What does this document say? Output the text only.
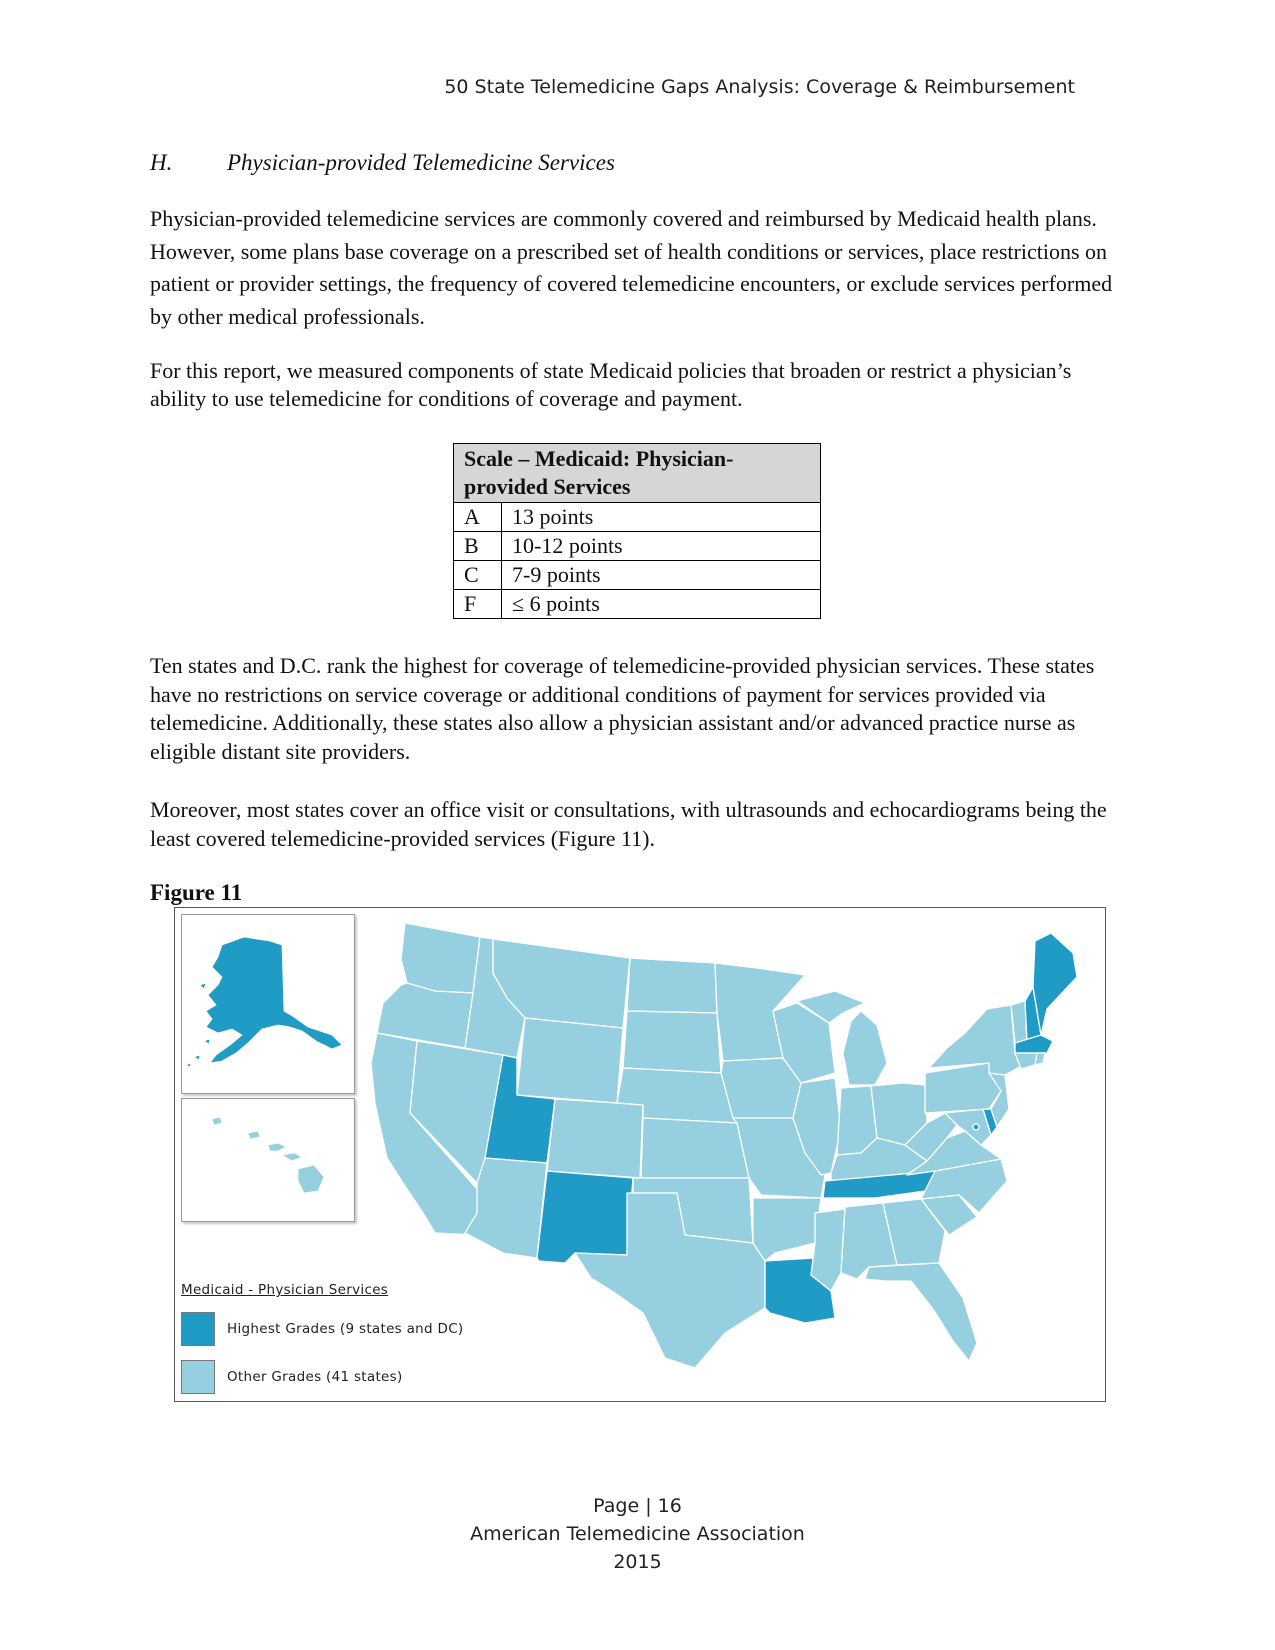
50 State Telemedicine Gaps Analysis: Coverage & Reimbursement
H. Physician-provided Telemedicine Services

Physician-provided telemedicine services are commonly covered and reimbursed by Medicaid health plans. However, some plans base coverage on a prescribed set of health conditions or services, place restrictions on patient or provider settings, the frequency of covered telemedicine encounters, or exclude services performed by other medical professionals.

For this report, we measured components of state Medicaid policies that broaden or restrict a physician’s ability to use telemedicine for conditions of coverage and payment.

Scale – Medicaid: Physician-provided Services	
A	13 points
B	10-12 points
C	7-9 points
F	≤ 6 points

Ten states and D.C. rank the highest for coverage of telemedicine-provided physician services. These states have no restrictions on service coverage or additional conditions of payment for services provided via telemedicine. Additionally, these states also allow a physician assistant and/or advanced practice nurse as eligible distant site providers.

Moreover, most states cover an office visit or consultations, with ultrasounds and echocardiograms being the least covered telemedicine-provided services (Figure 11).

Figure 11
Medicaid - Physician Services
Highest Grades (9 states and DC)
Other Grades (41 states)
Page | 16
American Telemedicine Association
2015
